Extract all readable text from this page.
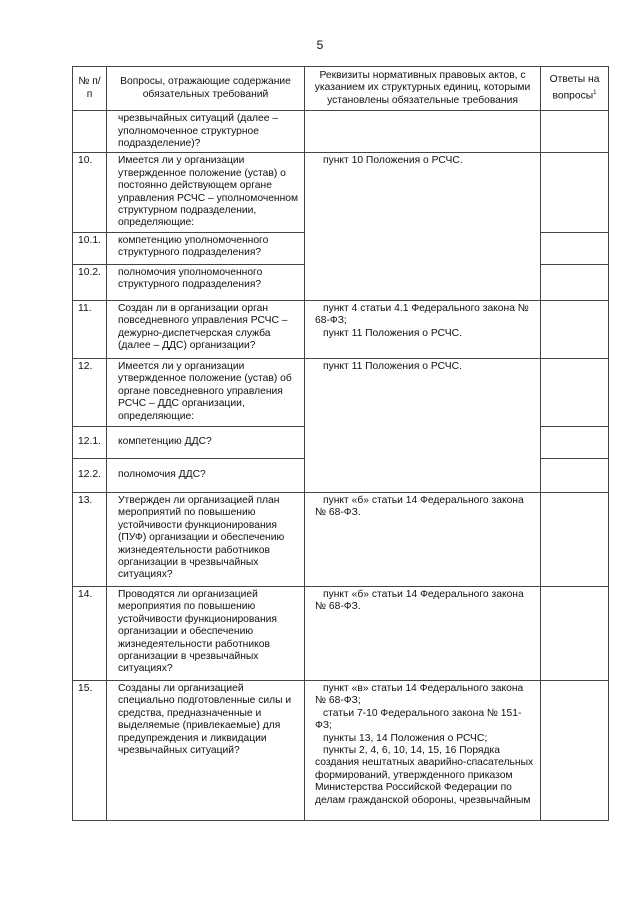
5
№ п/п	Вопросы, отражающие содержание обязательных требований	Реквизиты нормативных правовых актов, с указанием их структурных единиц, которыми установлены обязательные требования	Ответы на вопросы$^1$
	чрезвычайных ситуаций (далее – уполномоченное структурное подразделение)?		
10.	Имеется ли у организации утвержденное положение (устав) о постоянно действующем органе управления РСЧС – уполномоченном структурном подразделении, определяющие:	пункт 10 Положения о РСЧС.	

10.1.	компетенцию уполномоченного структурного подразделения?		
10.2.	полномочия уполномоченного структурного подразделения?		
11.	Создан ли в организации орган повседневного управления РСЧС – дежурно-диспетчерская служба (далее – ДДС) организации?	пункт 4 статьи 4.1 Федерального закона № 68-ФЗ;

пункт 11 Положения о РСЧС.	

12.	Имеется ли у организации утвержденное положение (устав) об органе повседневного управления РСЧС – ДДС организации, определяющие:	пункт 11 Положения о РСЧС.	

12.1.	компетенцию ДДС?		
12.2.	полномочия ДДС?		
13.	Утвержден ли организацией план мероприятий по повышению устойчивости функционирования (ПУФ) организации и обеспечению жизнедеятельности работников организации в чрезвычайных ситуациях?	пункт «б» статьи 14 Федерального закона № 68-ФЗ.	

14.	Проводятся ли организацией мероприятия по повышению устойчивости функционирования организации и обеспечению жизнедеятельности работников организации в чрезвычайных ситуациях?	пункт «б» статьи 14 Федерального закона № 68-ФЗ.	

15.	Созданы ли организацией специально подготовленные силы и средства, предназначенные и выделяемые (привлекаемые) для предупреждения и ликвидации чрезвычайных ситуаций?	пункт «в» статьи 14 Федерального закона № 68-ФЗ;

статьи 7-10 Федерального закона № 151-ФЗ;

пункты 13, 14 Положения о РСЧС;

пункты 2, 4, 6, 10, 14, 15, 16 Порядка создания нештатных аварийно-спасательных формирований, утвержденного приказом Министерства Российской Федерации по делам гражданской обороны, чрезвычайным	
